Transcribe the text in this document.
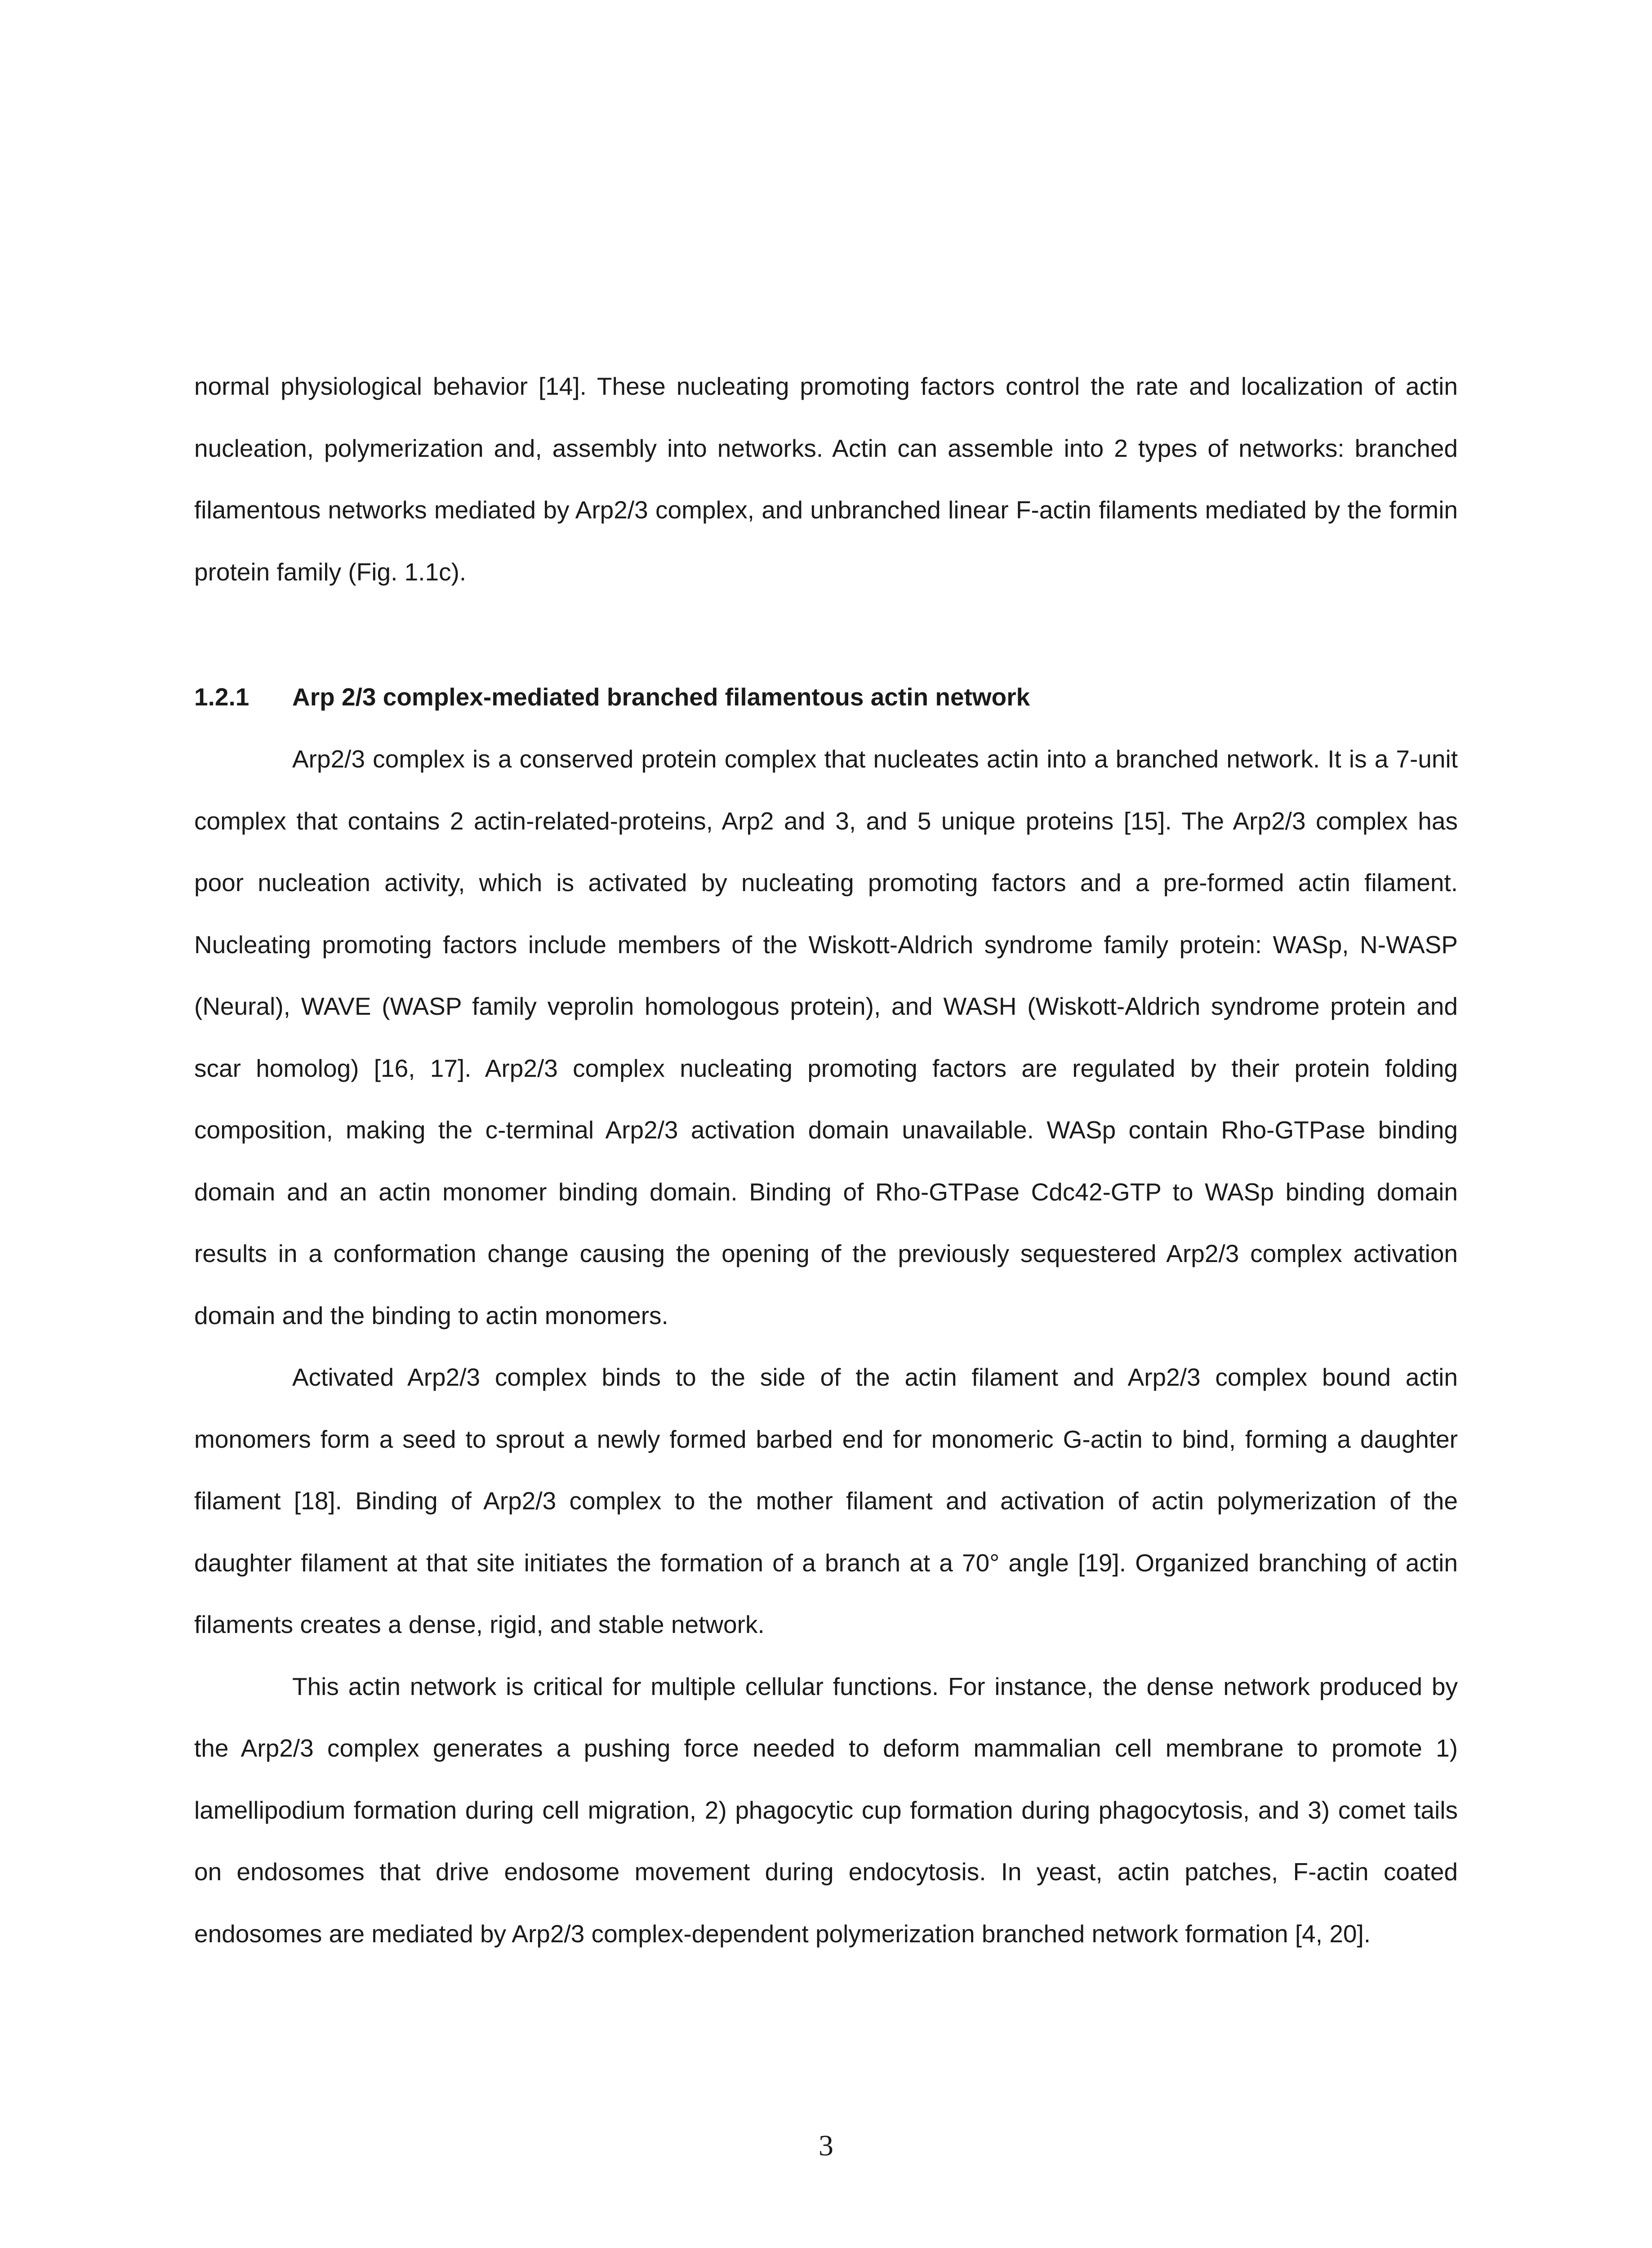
normal physiological behavior [14]. These nucleating promoting factors control the rate and localization of actin nucleation, polymerization and, assembly into networks. Actin can assemble into 2 types of networks: branched filamentous networks mediated by Arp2/3 complex, and unbranched linear F-actin filaments mediated by the formin protein family (Fig. 1.1c).

1.2.1 Arp 2/3 complex-mediated branched filamentous actin network

Arp2/3 complex is a conserved protein complex that nucleates actin into a branched network. It is a 7-unit complex that contains 2 actin-related-proteins, Arp2 and 3, and 5 unique proteins [15]. The Arp2/3 complex has poor nucleation activity, which is activated by nucleating promoting factors and a pre-formed actin filament. Nucleating promoting factors include members of the Wiskott-Aldrich syndrome family protein: WASp, N-WASP (Neural), WAVE (WASP family veprolin homologous protein), and WASH (Wiskott-Aldrich syndrome protein and scar homolog) [16, 17]. Arp2/3 complex nucleating promoting factors are regulated by their protein folding composition, making the c-terminal Arp2/3 activation domain unavailable. WASp contain Rho-GTPase binding domain and an actin monomer binding domain. Binding of Rho-GTPase Cdc42-GTP to WASp binding domain results in a conformation change causing the opening of the previously sequestered Arp2/3 complex activation domain and the binding to actin monomers.

Activated Arp2/3 complex binds to the side of the actin filament and Arp2/3 complex bound actin monomers form a seed to sprout a newly formed barbed end for monomeric G-actin to bind, forming a daughter filament [18]. Binding of Arp2/3 complex to the mother filament and activation of actin polymerization of the daughter filament at that site initiates the formation of a branch at a 70° angle [19]. Organized branching of actin filaments creates a dense, rigid, and stable network.

This actin network is critical for multiple cellular functions. For instance, the dense network produced by the Arp2/3 complex generates a pushing force needed to deform mammalian cell membrane to promote 1) lamellipodium formation during cell migration, 2) phagocytic cup formation during phagocytosis, and 3) comet tails on endosomes that drive endosome movement during endocytosis. In yeast, actin patches, F-actin coated endosomes are mediated by Arp2/3 complex-dependent polymerization branched network formation [4, 20].

3
